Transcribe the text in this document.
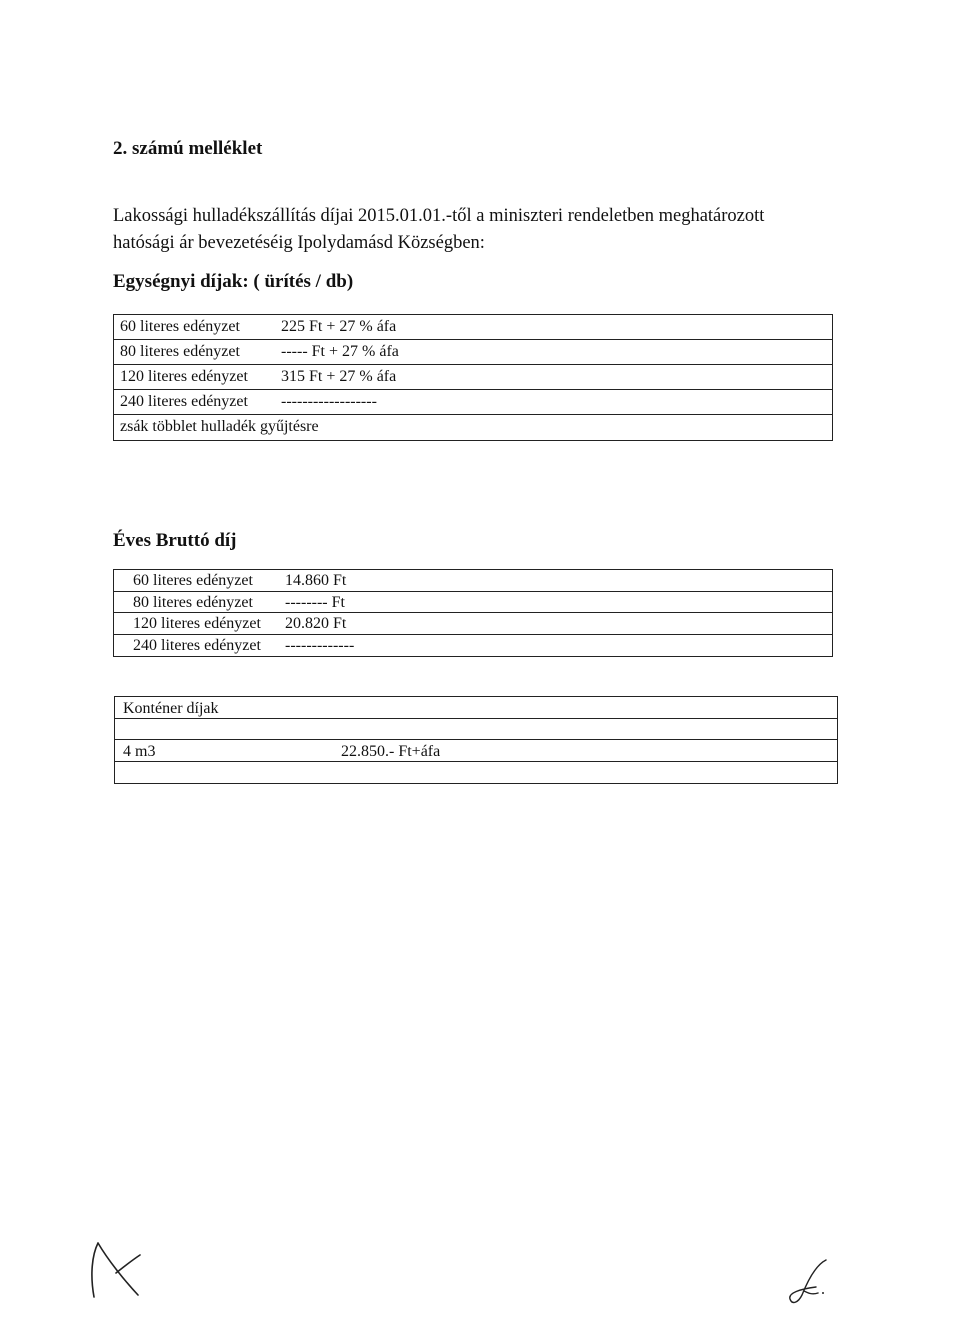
2. számú melléklet
Lakossági hulladékszállítás díjai 2015.01.01.-től a miniszteri rendeletben meghatározott
hatósági ár bevezetéséig Ipolydamásd Községben:
Egységnyi díjak: ( ürítés / db)
60 literes edényzet	225 Ft + 27 % áfa
80 literes edényzet	----- Ft + 27 % áfa
120 literes edényzet 315 Ft + 27 % áfa
240 literes edényzet ------------------
zsák többlet hulladék gyűjtésre
Éves Bruttó díj
60 literes edényzet 14.860 Ft
80 literes edényzet -------- Ft
120 literes edényzet 20.820 Ft
240 literes edényzet -------------
Konténer díjak
4 m3	22.850.- Ft+áfa
